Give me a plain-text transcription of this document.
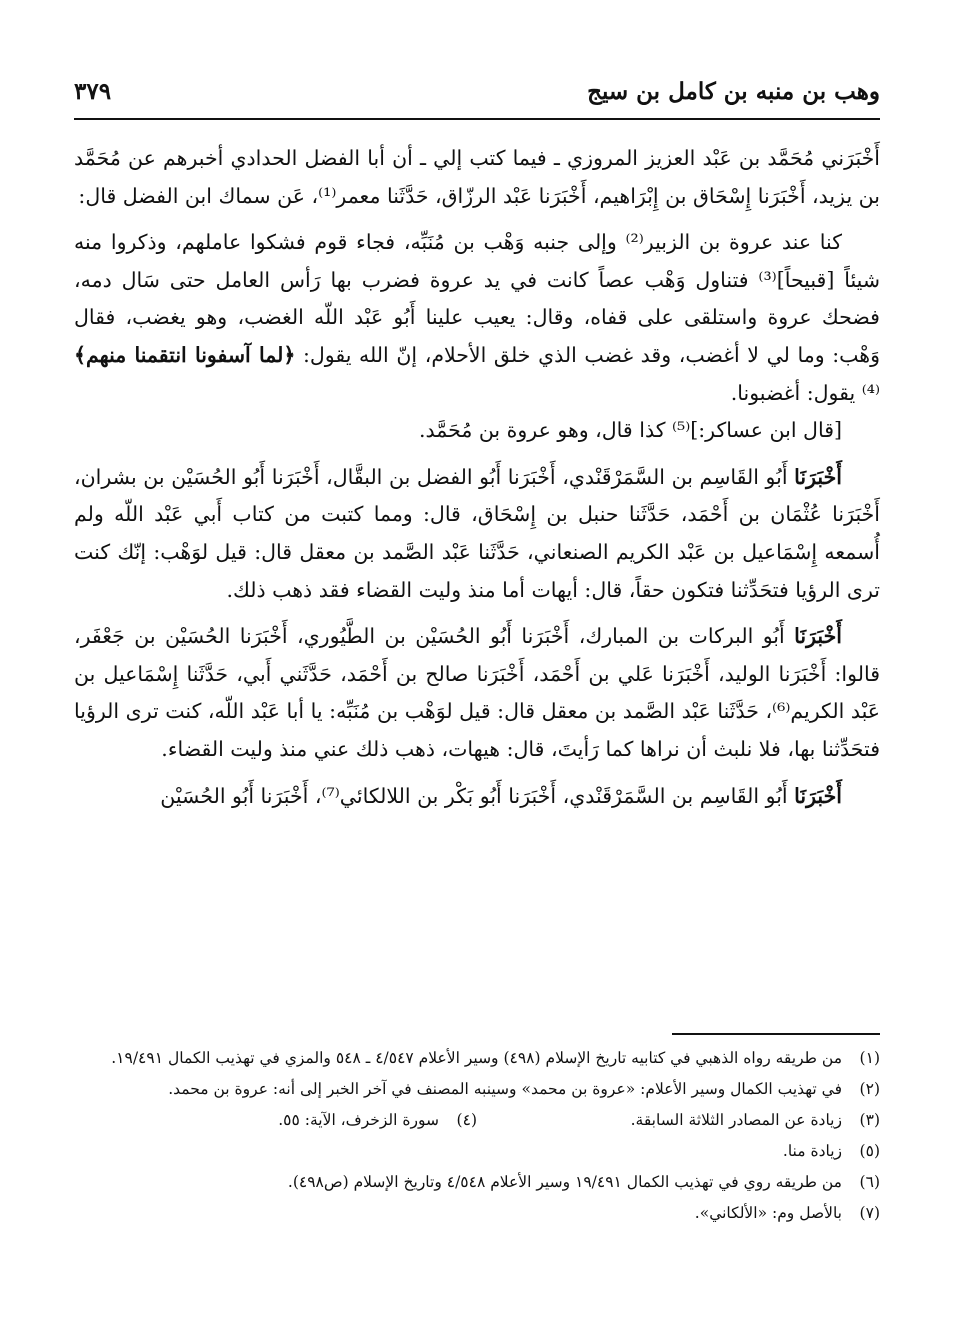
وهب بن منبه بن كامل بن سيج
٣٧٩

أَخْبَرَني مُحَمَّد بن عَبْد العزيز المروزي ـ فيما كتب إلي ـ أن أبا الفضل الحدادي أخبرهم عن مُحَمَّد بن يزيد، أَخْبَرَنا إِسْحَاق بن إِبْرَاهيم، أَخْبَرَنا عَبْد الرزّاق، حَدَّثَنا معمر⁽¹⁾، عَن سماك ابن الفضل قال:

كنا عند عروة بن الزبير⁽²⁾ وإلى جنبه وَهْب بن مُنَبِّه، فجاء قوم فشكوا عاملهم، وذكروا منه شيئاً [قبيحاً]⁽³⁾ فتناول وَهْب عصاً كانت في يد عروة فضرب بها رَأس العامل حتى سَال دمه، فضحك عروة واستلقى على قفاه، وقال: يعيب علينا أَبُو عَبْد اللّه الغضب، وهو يغضب، فقال وَهْب: وما لي لا أغضب، وقد غضب الذي خلق الأحلام، إنّ الله يقول: ﴿لما آسفونا انتقمنا منهم﴾⁽⁴⁾ يقول: أغضبونا.

[قال ابن عساكر:]⁽⁵⁾ كذا قال، وهو عروة بن مُحَمَّد.

أَخْبَرَنَا أَبُو القَاسِم بن السَّمَرْقَنْدي، أَخْبَرَنا أَبُو الفضل بن البقَّال، أَخْبَرَنا أَبُو الحُسَيْن بن بشران، أَخْبَرَنا عُثْمَان بن أَحْمَد، حَدَّثَنا حنبل بن إِسْحَاق، قال: ومما كتبت من كتاب أَبي عَبْد اللّه ولم أُسمعه إِسْمَاعيل بن عَبْد الكريم الصنعاني، حَدَّثَنا عَبْد الصَّمد بن معقل قال: قيل لوَهْب: إنّك كنت ترى الرؤيا فتحَدِّثنا فتكون حقاً، قال: أيهات أما منذ وليت القضاء فقد ذهب ذلك.

أَخْبَرَنَا أَبُو البركات بن المبارك، أَخْبَرَنا أَبُو الحُسَيْن بن الطَّيُوري، أَخْبَرَنا الحُسَيْن بن جَعْفَر، قالوا: أَخْبَرَنا الوليد، أَخْبَرَنا عَلي بن أَحْمَد، أَخْبَرَنا صالح بن أَحْمَد، حَدَّثَني أَبي، حَدَّثَنا إِسْمَاعيل بن عَبْد الكريم⁽⁶⁾، حَدَّثَنا عَبْد الصَّمد بن معقل قال: قيل لوَهْب بن مُنَبِّه: يا أبا عَبْد اللّه، كنت ترى الرؤيا فتحَدِّثنا بها، فلا نلبث أن نراها كما رَأيتَ، قال: هيهات، ذهب ذلك عني منذ وليت القضاء.

أَخْبَرَنَا أَبُو القَاسِم بن السَّمَرْقَنْدي، أَخْبَرَنا أَبُو بَكْر بن اللالكائي⁽⁷⁾، أَخْبَرَنا أَبُو الحُسَيْن

(١)
من طريقه رواه الذهبي في كتابيه تاريخ الإسلام (٤٩٨) وسير الأعلام ٤/٥٤٧ ـ ٥٤٨ والمزي في تهذيب الكمال ١٩/٤٩١.

(٢)
في تهذيب الكمال وسير الأعلام: «عروة بن محمد» وسينبه المصنف في آخر الخبر إلى أنه: عروة بن محمد.

(٣)
زيادة عن المصادر الثلاثة السابقة.

(٤)
سورة الزخرف، الآية: ٥٥.

(٥)
زيادة منا.

(٦)
من طريقه روي في تهذيب الكمال ١٩/٤٩١ وسير الأعلام ٤/٥٤٨ وتاريخ الإسلام (ص٤٩٨).

(٧)
بالأصل وم: «الألكاني».
